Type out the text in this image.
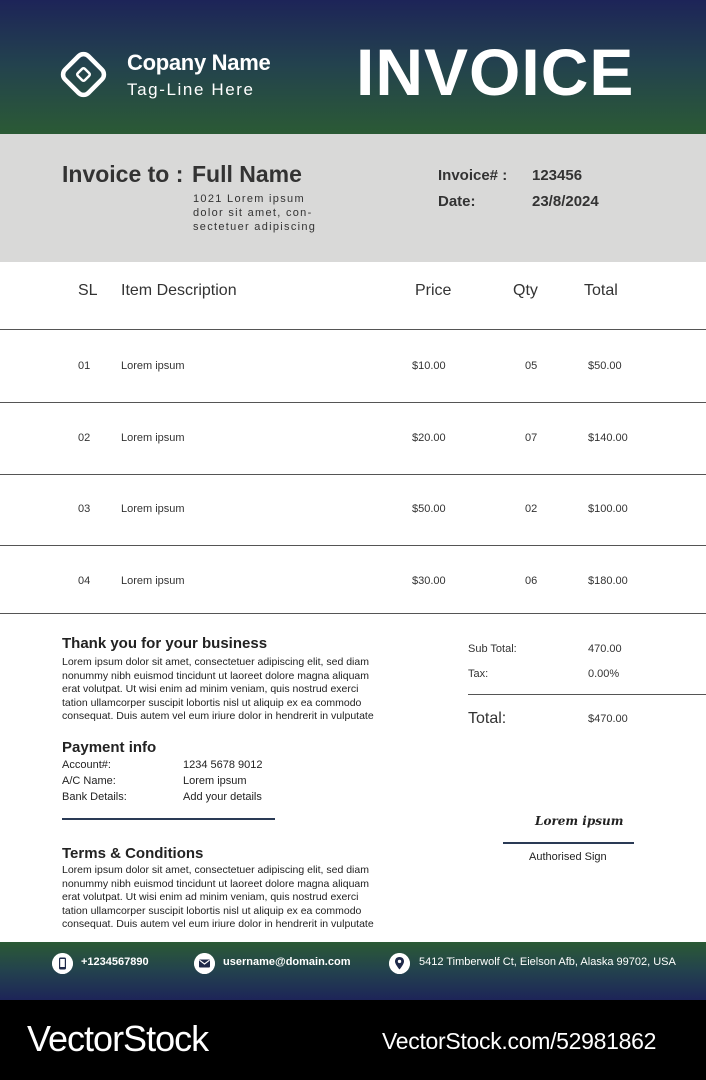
Copany Name
Tag-Line Here INVOICE
Invoice to : Full Name
1021 Lorem ipsum
dolor sit amet, con-
sectetuer adipiscing
Invoice# : 123456
Date:	23/8/2024
SL Item Description	Price	Qty	Total
01	Lorem ipsum	$10.00	05	$50.00
02	Lorem ipsum	$20.00	07	$140.00
03	Lorem ipsum	$50.00	02	$100.00
04	Lorem ipsum	$30.00	06	$180.00
Thank you for your business
Lorem ipsum dolor sit amet, consectetuer adipiscing elit, sed diam
nonummy nibh euismod tincidunt ut laoreet dolore magna aliquam
erat volutpat. Ut wisi enim ad minim veniam, quis nostrud exerci
tation ullamcorper suscipit lobortis nisl ut aliquip ex ea commodo
consequat. Duis autem vel eum iriure dolor in hendrerit in vulputate
Payment info
Account#:	1234 5678 9012
A/C Name:	Lorem ipsum
Bank Details:	Add your details
Terms & Conditions
Lorem ipsum dolor sit amet, consectetuer adipiscing elit, sed diam
nonummy nibh euismod tincidunt ut laoreet dolore magna aliquam
erat volutpat. Ut wisi enim ad minim veniam, quis nostrud exerci
tation ullamcorper suscipit lobortis nisl ut aliquip ex ea commodo
consequat. Duis autem vel eum iriure dolor in hendrerit in vulputate
Sub Total:	470.00
Tax:	0.00%
Total:	$470.00
Lorem ipsum
Authorised Sign
+1234567890	username@domain.com	5412 Timberwolf Ct, Eielson Afb, Alaska 99702, USA
VectorStock	VectorStock.com/52981862
